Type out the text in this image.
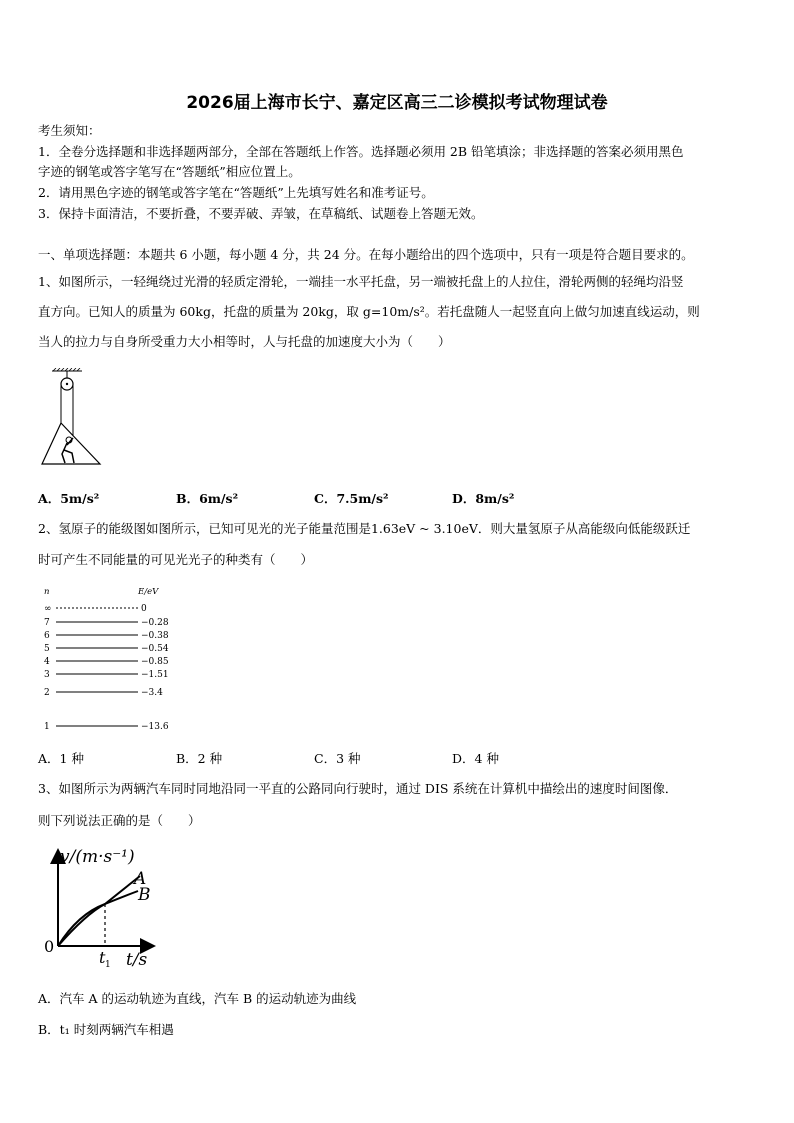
2026届上海市长宁、嘉定区高三二诊模拟考试物理试卷
考生须知：
1．全卷分选择题和非选择题两部分，全部在答题纸上作答。选择题必须用 2B 铅笔填涂；非选择题的答案必须用黑色
字迹的钢笔或答字笔写在“答题纸”相应位置上。
2．请用黑色字迹的钢笔或答字笔在“答题纸”上先填写姓名和准考证号。
3．保持卡面清洁，不要折叠，不要弄破、弄皱，在草稿纸、试题卷上答题无效。
一、单项选择题：本题共 6 小题，每小题 4 分，共 24 分。在每小题给出的四个选项中，只有一项是符合题目要求的。
1、如图所示，一轻绳绕过光滑的轻质定滑轮，一端挂一水平托盘，另一端被托盘上的人拉住，滑轮两侧的轻绳均沿竖
直方向。已知人的质量为 60kg，托盘的质量为 20kg，取 g=10m/s²。若托盘随人一起竖直向上做匀加速直线运动，则
当人的拉力与自身所受重力大小相等时，人与托盘的加速度大小为（　　）
A．5m/s²	B．6m/s²	C．7.5m/s²	D．8m/s²
2、氢原子的能级图如图所示，已知可见光的光子能量范围是1.63eV ~ 3.10eV．则大量氢原子从高能级向低能级跃迁
时可产生不同能量的可见光光子的种类有（　　）
n	E/eV
∞	0
7	−0.28
6	−0.38
5	−0.54
4	−0.85
3	−1.51
2	−3.4
1	−13.6
A．1 种	B．2 种	C．3 种	D．4 种
3、如图所示为两辆汽车同时同地沿同一平直的公路同向行驶时，通过 DIS 系统在计算机中描绘出的速度时间图像．
则下列说法正确的是（　　）
v/(m·s⁻¹)
t/s
0
A
B
t 1
A．汽车 A 的运动轨迹为直线，汽车 B 的运动轨迹为曲线
B．t₁ 时刻两辆汽车相遇
